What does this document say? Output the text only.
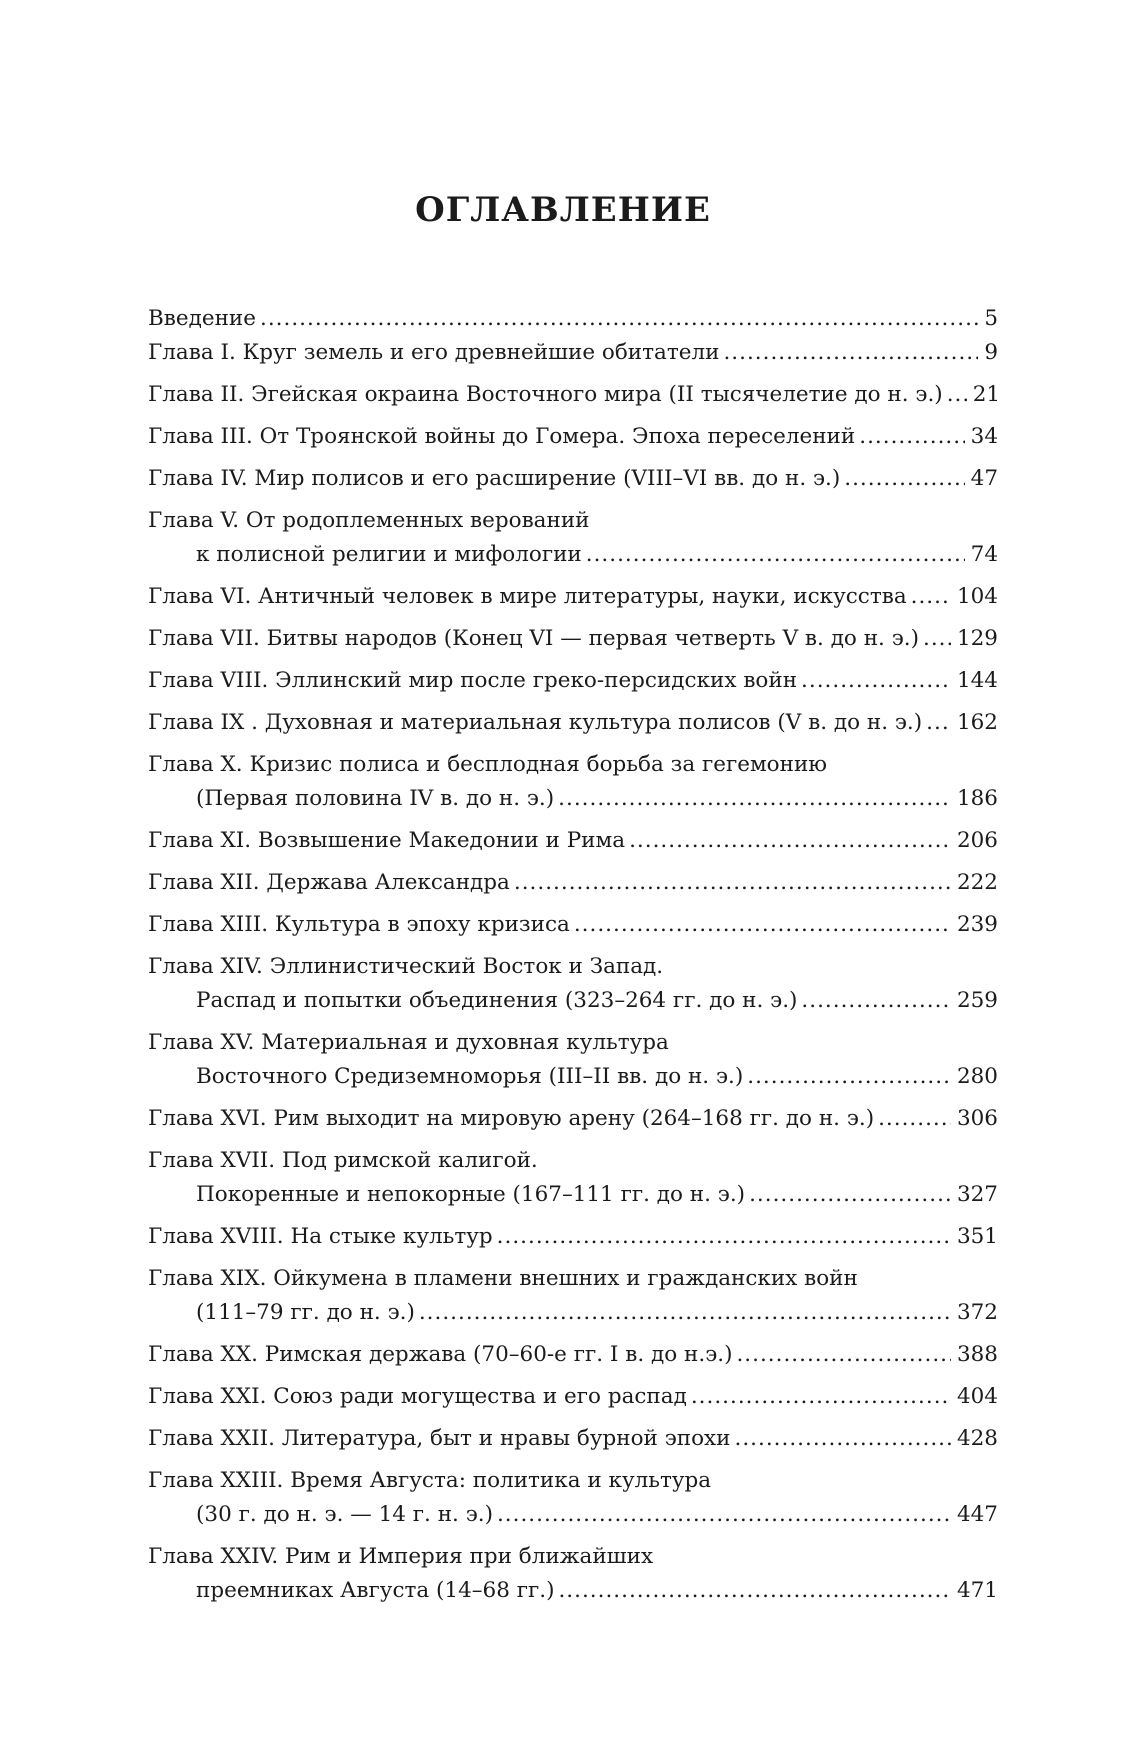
ОГЛАВЛЕНИЕ
Введение .....	5
Глава I. Круг земель и его древнейшие обитатели .....	9
Глава II. Эгейская окраина Восточного мира (II тысячелетие до н. э.) ..... 21
Глава III. От Троянской войны до Гомера. Эпоха переселений .....	34
Глава IV. Мир полисов и его расширение (VIII–VI вв. до н. э.) .....	47
Глава V. От родоплеменных верований
к полисной религии и мифологии .....	74
Глава VI. Античный человек в мире литературы, науки, искусства ..... 104
Глава VII. Битвы народов (Конец VI — первая четверть V в. до н. э.) ..... 129
Глава VIII. Эллинский мир после греко-персидских войн .....	144
Глава IX . Духовная и материальная культура полисов (V в. до н. э.) ..... 162
Глава X. Кризис полиса и бесплодная борьба за гегемонию
(Первая половина IV в. до н. э.) .....	186
Глава XI. Возвышение Македонии и Рима .....	206
Глава XII. Держава Александра .....	222
Глава XIII. Культура в эпоху кризиса .....	239
Глава XIV. Эллинистический Восток и Запад.
Распад и попытки объединения (323–264 гг. до н. э.) .....	259
Глава XV. Материальная и духовная культура
Восточного Средиземноморья (III–II вв. до н. э.) .....	280
Глава XVI. Рим выходит на мировую арену (264–168 гг. до н. э.) .....	306
Глава XVII. Под римской калигой.
Покоренные и непокорные (167–111 гг. до н. э.) .....	327
Глава XVIII. На стыке культур .....	351
Глава XIX. Ойкумена в пламени внешних и гражданских войн
(111–79 гг. до н. э.) .....	372
Глава XX. Римская держава (70–60-е гг. I в. до н.э.) .....	388
Глава XXI. Союз ради могущества и его распад .....	404
Глава XXII. Литература, быт и нравы бурной эпохи .....	428
Глава XXIII. Время Августа: политика и культура
(30 г. до н. э. — 14 г. н. э.) .....	447
Глава XXIV. Рим и Империя при ближайших
преемниках Августа (14–68 гг.) .....	471
